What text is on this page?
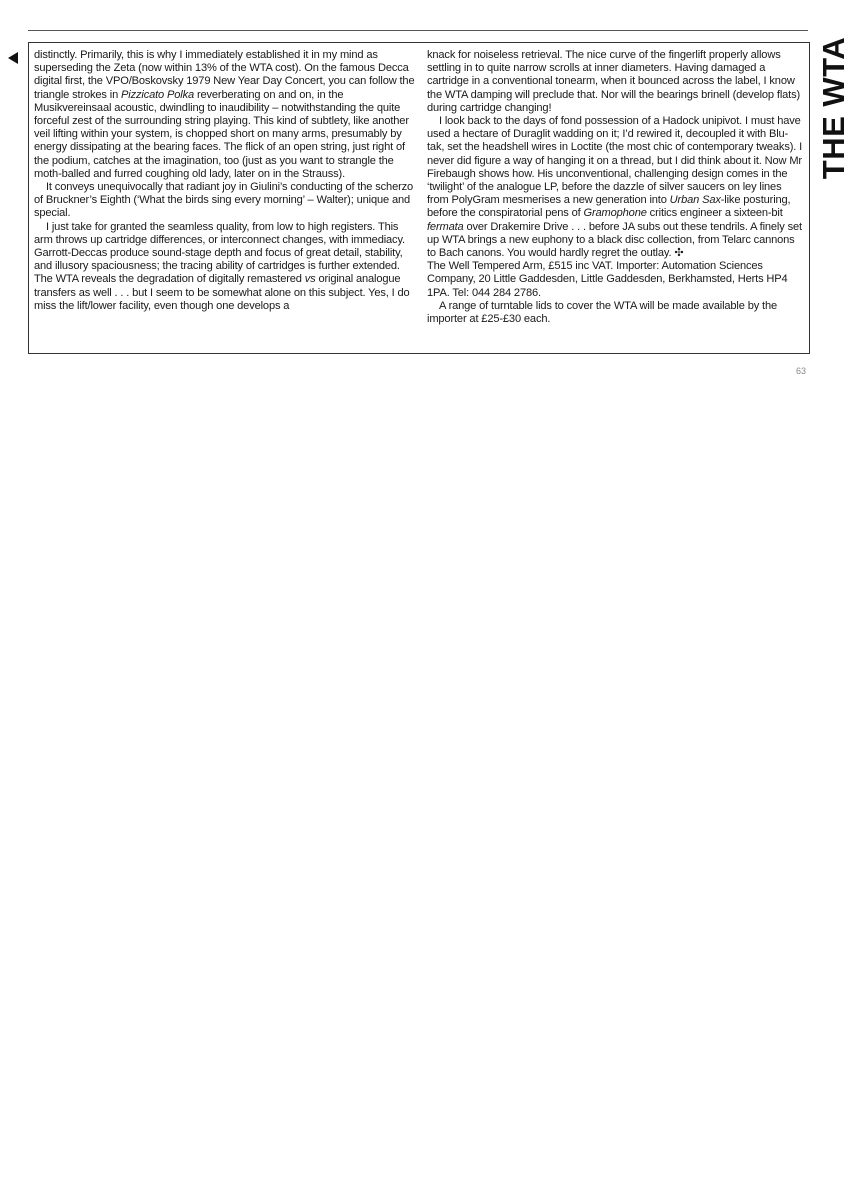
distinctly. Primarily, this is why I immediately established it in my mind as superseding the Zeta (now within 13% of the WTA cost). On the famous Decca digital first, the VPO/Boskovsky 1979 New Year Day Concert, you can follow the triangle strokes in Pizzicato Polka reverberating on and on, in the Musikvereinsaal acoustic, dwindling to inaudibility – notwithstanding the quite forceful zest of the surrounding string playing. This kind of subtlety, like another veil lifting within your system, is chopped short on many arms, presumably by energy dissipating at the bearing faces. The flick of an open string, just right of the podium, catches at the imagination, too (just as you want to strangle the moth-balled and furred coughing old lady, later on in the Strauss).

It conveys unequivocally that radiant joy in Giulini’s conducting of the scherzo of Bruckner’s Eighth (‘What the birds sing every morning’ – Walter); unique and special.

I just take for granted the seamless quality, from low to high registers. This arm throws up cartridge differences, or interconnect changes, with immediacy. Garrott-Deccas produce sound-stage depth and focus of great detail, stability, and illusory spaciousness; the tracing ability of cartridges is further extended. The WTA reveals the degradation of digitally remastered vs original analogue transfers as well . . . but I seem to be somewhat alone on this subject. Yes, I do miss the lift/lower facility, even though one develops a

knack for noiseless retrieval. The nice curve of the fingerlift properly allows settling in to quite narrow scrolls at inner diameters. Having damaged a cartridge in a conventional tonearm, when it bounced across the label, I know the WTA damping will preclude that. Nor will the bearings brinell (develop flats) during cartridge changing!

I look back to the days of fond possession of a Hadock unipivot. I must have used a hectare of Duraglit wadding on it; I’d rewired it, decoupled it with Blu-tak, set the headshell wires in Loctite (the most chic of contemporary tweaks). I never did figure a way of hanging it on a thread, but I did think about it. Now Mr Firebaugh shows how. His unconventional, challenging design comes in the ‘twilight’ of the analogue LP, before the dazzle of silver saucers on ley lines from PolyGram mesmerises a new generation into Urban Sax-like posturing, before the conspiratorial pens of Gramophone critics engineer a sixteen-bit fermata over Drakemire Drive . . . before JA subs out these tendrils. A finely set up WTA brings a new euphony to a black disc collection, from Telarc cannons to Bach canons. You would hardly regret the outlay. ✣

The Well Tempered Arm, £515 inc VAT. Importer: Automation Sciences Company, 20 Little Gaddesden, Little Gaddesden, Berkhamsted, Herts HP4 1PA. Tel: 044 284 2786.

A range of turntable lids to cover the WTA will be made available by the importer at £25-£30 each.

THE WTA
63
